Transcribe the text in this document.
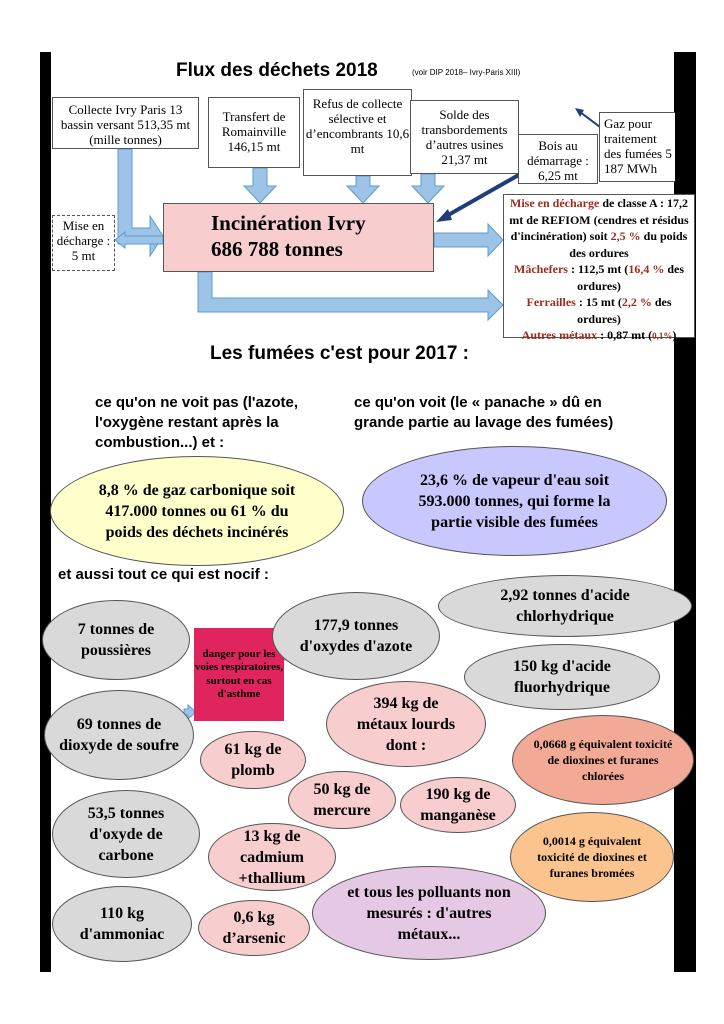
Flux des déchets 2018	(voir DIP 2018– Ivry-Paris XIII)
Collecte Ivry Paris 13 bassin versant 513,35 mt (mille tonnes)
Transfert de Romainville 146,15 mt
Refus de collecte sélective et d’encombrants 10,6 mt
Solde des transbordements d’autres usines 21,37 mt
Bois au démarrage : 6,25 mt
Gaz pour traitement des fumées 5 187 MWh
Mise en décharge : 5 mt
Incinération Ivry
686 788 tonnes
Mise en décharge de classe A : 17,2 mt de REFIOM (cendres et résidus d'incinération) soit 2,5 % du poids des ordures
Mâchefers : 112,5 mt (16,4 % des ordures)
Ferrailles : 15 mt (2,2 % des ordures)
Autres métaux : 0,87 mt (0,1%)
Les fumées c'est pour 2017 :
ce qu'on ne voit pas (l'azote, l'oxygène restant après la combustion...) et :
ce qu'on voit (le « panache » dû en grande partie au lavage des fumées)
8,8 % de gaz carbonique soit 417.000 tonnes ou 61 % du poids des déchets incinérés
23,6 % de vapeur d'eau soit 593.000 tonnes, qui forme la partie visible des fumées
et aussi tout ce qui est nocif :
danger pour les voies respiratoires, surtout en cas d'asthme
7 tonnes de poussières
177,9 tonnes d'oxydes d'azote
2,92 tonnes d'acide chlorhydrique
150 kg d'acide fluorhydrique
69 tonnes de dioxyde de soufre
394 kg de métaux lourds dont :
61 kg de plomb
0,0668 g équivalent toxicité de dioxines et furanes chlorées
50 kg de mercure
190 kg de manganèse
53,5 tonnes d'oxyde de carbone
13 kg de cadmium +thallium
0,0014 g équivalent toxicité de dioxines et furanes bromées
110 kg d'ammoniac
0,6 kg d’arsenic
et tous les polluants non mesurés : d'autres métaux...
